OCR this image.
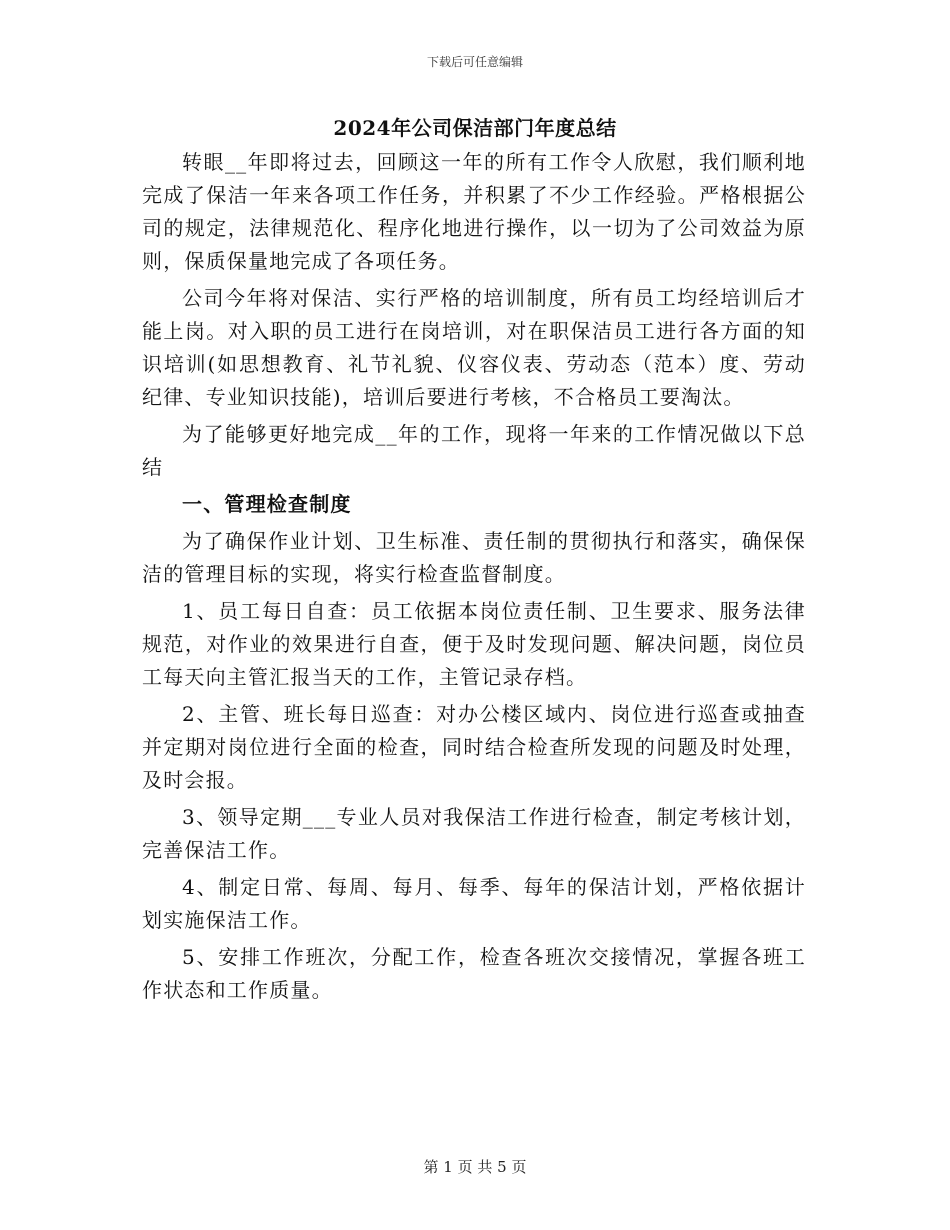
下载后可任意编辑
2024年公司保洁部门年度总结

转眼__年即将过去，回顾这一年的所有工作令人欣慰，我们顺利地完成了保洁一年来各项工作任务，并积累了不少工作经验。严格根据公司的规定，法律规范化、程序化地进行操作，以一切为了公司效益为原则，保质保量地完成了各项任务。

公司今年将对保洁、实行严格的培训制度，所有员工均经培训后才能上岗。对入职的员工进行在岗培训，对在职保洁员工进行各方面的知识培训(如思想教育、礼节礼貌、仪容仪表、劳动态（范本）度、劳动纪律、专业知识技能)，培训后要进行考核，不合格员工要淘汰。

为了能够更好地完成__年的工作，现将一年来的工作情况做以下总结

一、管理检查制度

为了确保作业计划、卫生标准、责任制的贯彻执行和落实，确保保洁的管理目标的实现，将实行检查监督制度。

1、员工每日自查：员工依据本岗位责任制、卫生要求、服务法律规范，对作业的效果进行自查，便于及时发现问题、解决问题，岗位员工每天向主管汇报当天的工作，主管记录存档。

2、主管、班长每日巡查：对办公楼区域内、岗位进行巡查或抽查并定期对岗位进行全面的检查，同时结合检查所发现的问题及时处理，及时会报。

3、领导定期___专业人员对我保洁工作进行检查，制定考核计划，完善保洁工作。

4、制定日常、每周、每月、每季、每年的保洁计划，严格依据计划实施保洁工作。

5、安排工作班次，分配工作，检查各班次交接情况，掌握各班工作状态和工作质量。

第 1 页 共 5 页
